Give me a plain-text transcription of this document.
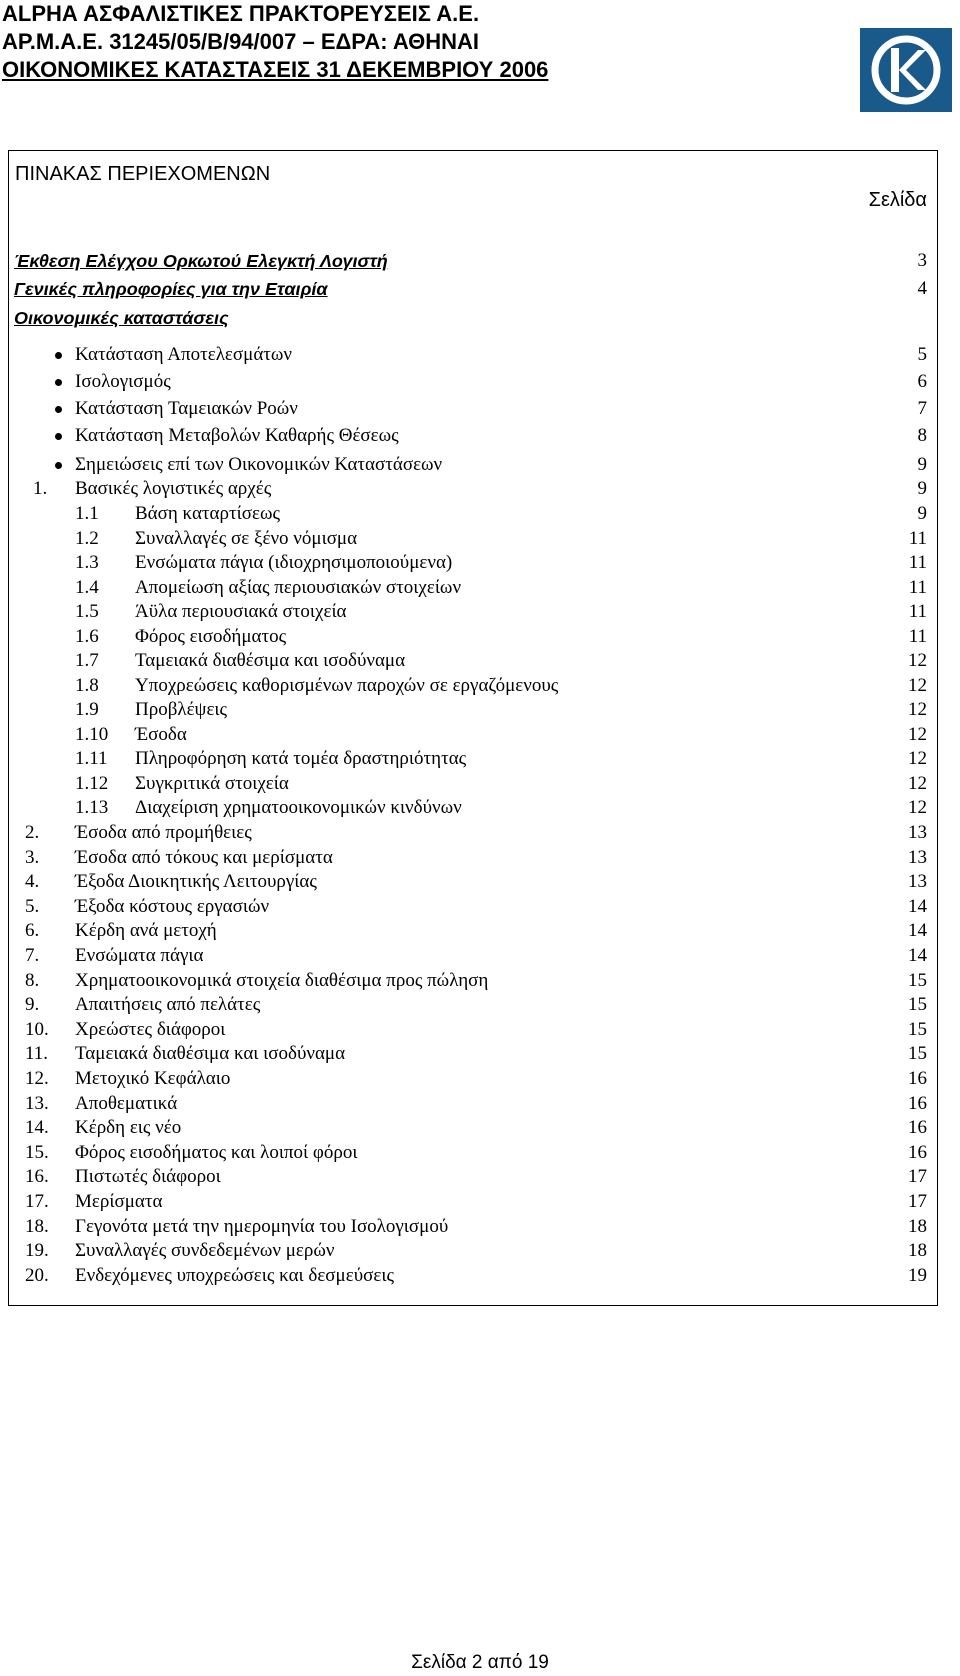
ALPHA ΑΣΦΑΛΙΣΤΙΚΕΣ ΠΡΑΚΤΟΡΕΥΣΕΙΣ Α.Ε.
ΑΡ.Μ.Α.Ε. 31245/05/Β/94/007 – ΕΔΡΑ: ΑΘΗΝΑΙ
ΟΙΚΟΝΟΜΙΚΕΣ ΚΑΤΑΣΤΑΣΕΙΣ 31 ΔΕΚΕΜΒΡΙΟΥ 2006
ΠΙΝΑΚΑΣ ΠΕΡΙΕΧΟΜΕΝΩΝ
Σελίδα
Έκθεση Ελέγχου Ορκωτού Ελεγκτή Λογιστή	3
Γενικές πληροφορίες για την Εταιρία	4
Οικονομικές καταστάσεις
Κατάσταση Αποτελεσμάτων	5
Ισολογισμός	6
Κατάσταση Ταμειακών Ροών	7
Κατάσταση Μεταβολών Καθαρής Θέσεως	8
Σημειώσεις επί των Οικονομικών Καταστάσεων	9
1. Βασικές λογιστικές αρχές	9
1.1 Βάση καταρτίσεως	9
1.2 Συναλλαγές σε ξένο νόμισμα	11
1.3 Ενσώματα πάγια (ιδιοχρησιμοποιούμενα)	11
1.4 Απομείωση αξίας περιουσιακών στοιχείων	11
1.5 Άϋλα περιουσιακά στοιχεία	11
1.6 Φόρος εισοδήματος	11
1.7 Ταμειακά διαθέσιμα και ισοδύναμα	12
1.8 Υποχρεώσεις καθορισμένων παροχών σε εργαζόμενους	12
1.9 Προβλέψεις	12
1.10 Έσοδα	12
1.11 Πληροφόρηση κατά τομέα δραστηριότητας	12
1.12 Συγκριτικά στοιχεία	12
1.13 Διαχείριση χρηματοοικονομικών κινδύνων	12
2. Έσοδα από προμήθειες	13
3. Έσοδα από τόκους και μερίσματα	13
4. Έξοδα Διοικητικής Λειτουργίας	13
5. Έξοδα κόστους εργασιών	14
6. Κέρδη ανά μετοχή	14
7. Ενσώματα πάγια	14
8. Χρηματοοικονομικά στοιχεία διαθέσιμα προς πώληση	15
9. Απαιτήσεις από πελάτες	15
10. Χρεώστες διάφοροι	15
11. Ταμειακά διαθέσιμα και ισοδύναμα	15
12. Μετοχικό Κεφάλαιο	16
13. Αποθεματικά	16
14. Κέρδη εις νέο	16
15. Φόρος εισοδήματος και λοιποί φόροι	16
16. Πιστωτές διάφοροι	17
17. Μερίσματα	17
18. Γεγονότα μετά την ημερομηνία του Ισολογισμού	18
19. Συναλλαγές συνδεδεμένων μερών	18
20. Ενδεχόμενες υποχρεώσεις και δεσμεύσεις	19
Σελίδα 2 από 19
